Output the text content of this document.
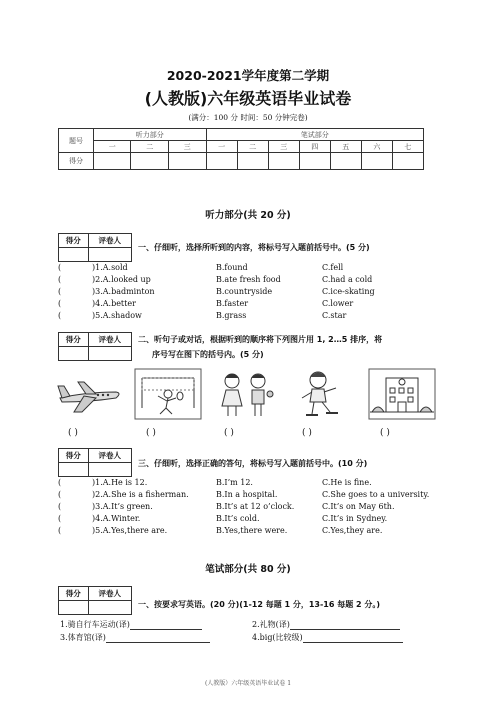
2020-2021学年度第二学期
(人教版)六年级英语毕业试卷
(满分：100 分 时间：50 分钟完卷)
题号	听力部分			笔试部分						
	一	二	三	一	二	三	四	五	六	七
得分										
听力部分(共 20 分)
得分	评卷人

一、仔细听，选择所听到的内容，将标号写入题前括号中。(5 分)
(	)1.A.sold	B.found	C.fell
(	)2.A.looked up	B.ate fresh food	C.had a cold
(	)3.A.badminton	B.countryside	C.ice-skating
(	)4.A.better	B.faster	C.lower
(	)5.A.shadow	B.grass	C.star
得分	评卷人
	二、听句子或对话，根据听到的顺序将下列图片用 1, 2…5 排序，将
序号写在图下的括号内。(5 分)
( )	( )	( )	( )	( )
得分	评卷人

三、仔细听，选择正确的答句，将标号写入题前括号中。(10 分)
(	)1.A.He is 12.	B.I’m 12.	C.He is fine.
(	)2.A.She is a fisherman.	B.In a hospital.	C.She goes to a university.
(	)3.A.It’s green.	B.It’s at 12 o’clock.	C.It’s on May 6th.
(	)4.A.Winter.	B.It’s cold.	C.It’s in Sydney.
(	)5.A.Yes,there are.	B.Yes,there were.	C.Yes,they are.
笔试部分(共 80 分)
得分	评卷人

一、按要求写英语。(20 分)(1-12 每题 1 分，13-16 每题 2 分。)
1.骑自行车运动(译)	2.礼物(译)
3.体育馆(译)	4.big(比较级)
(人教版）六年级英语毕业试卷 1
